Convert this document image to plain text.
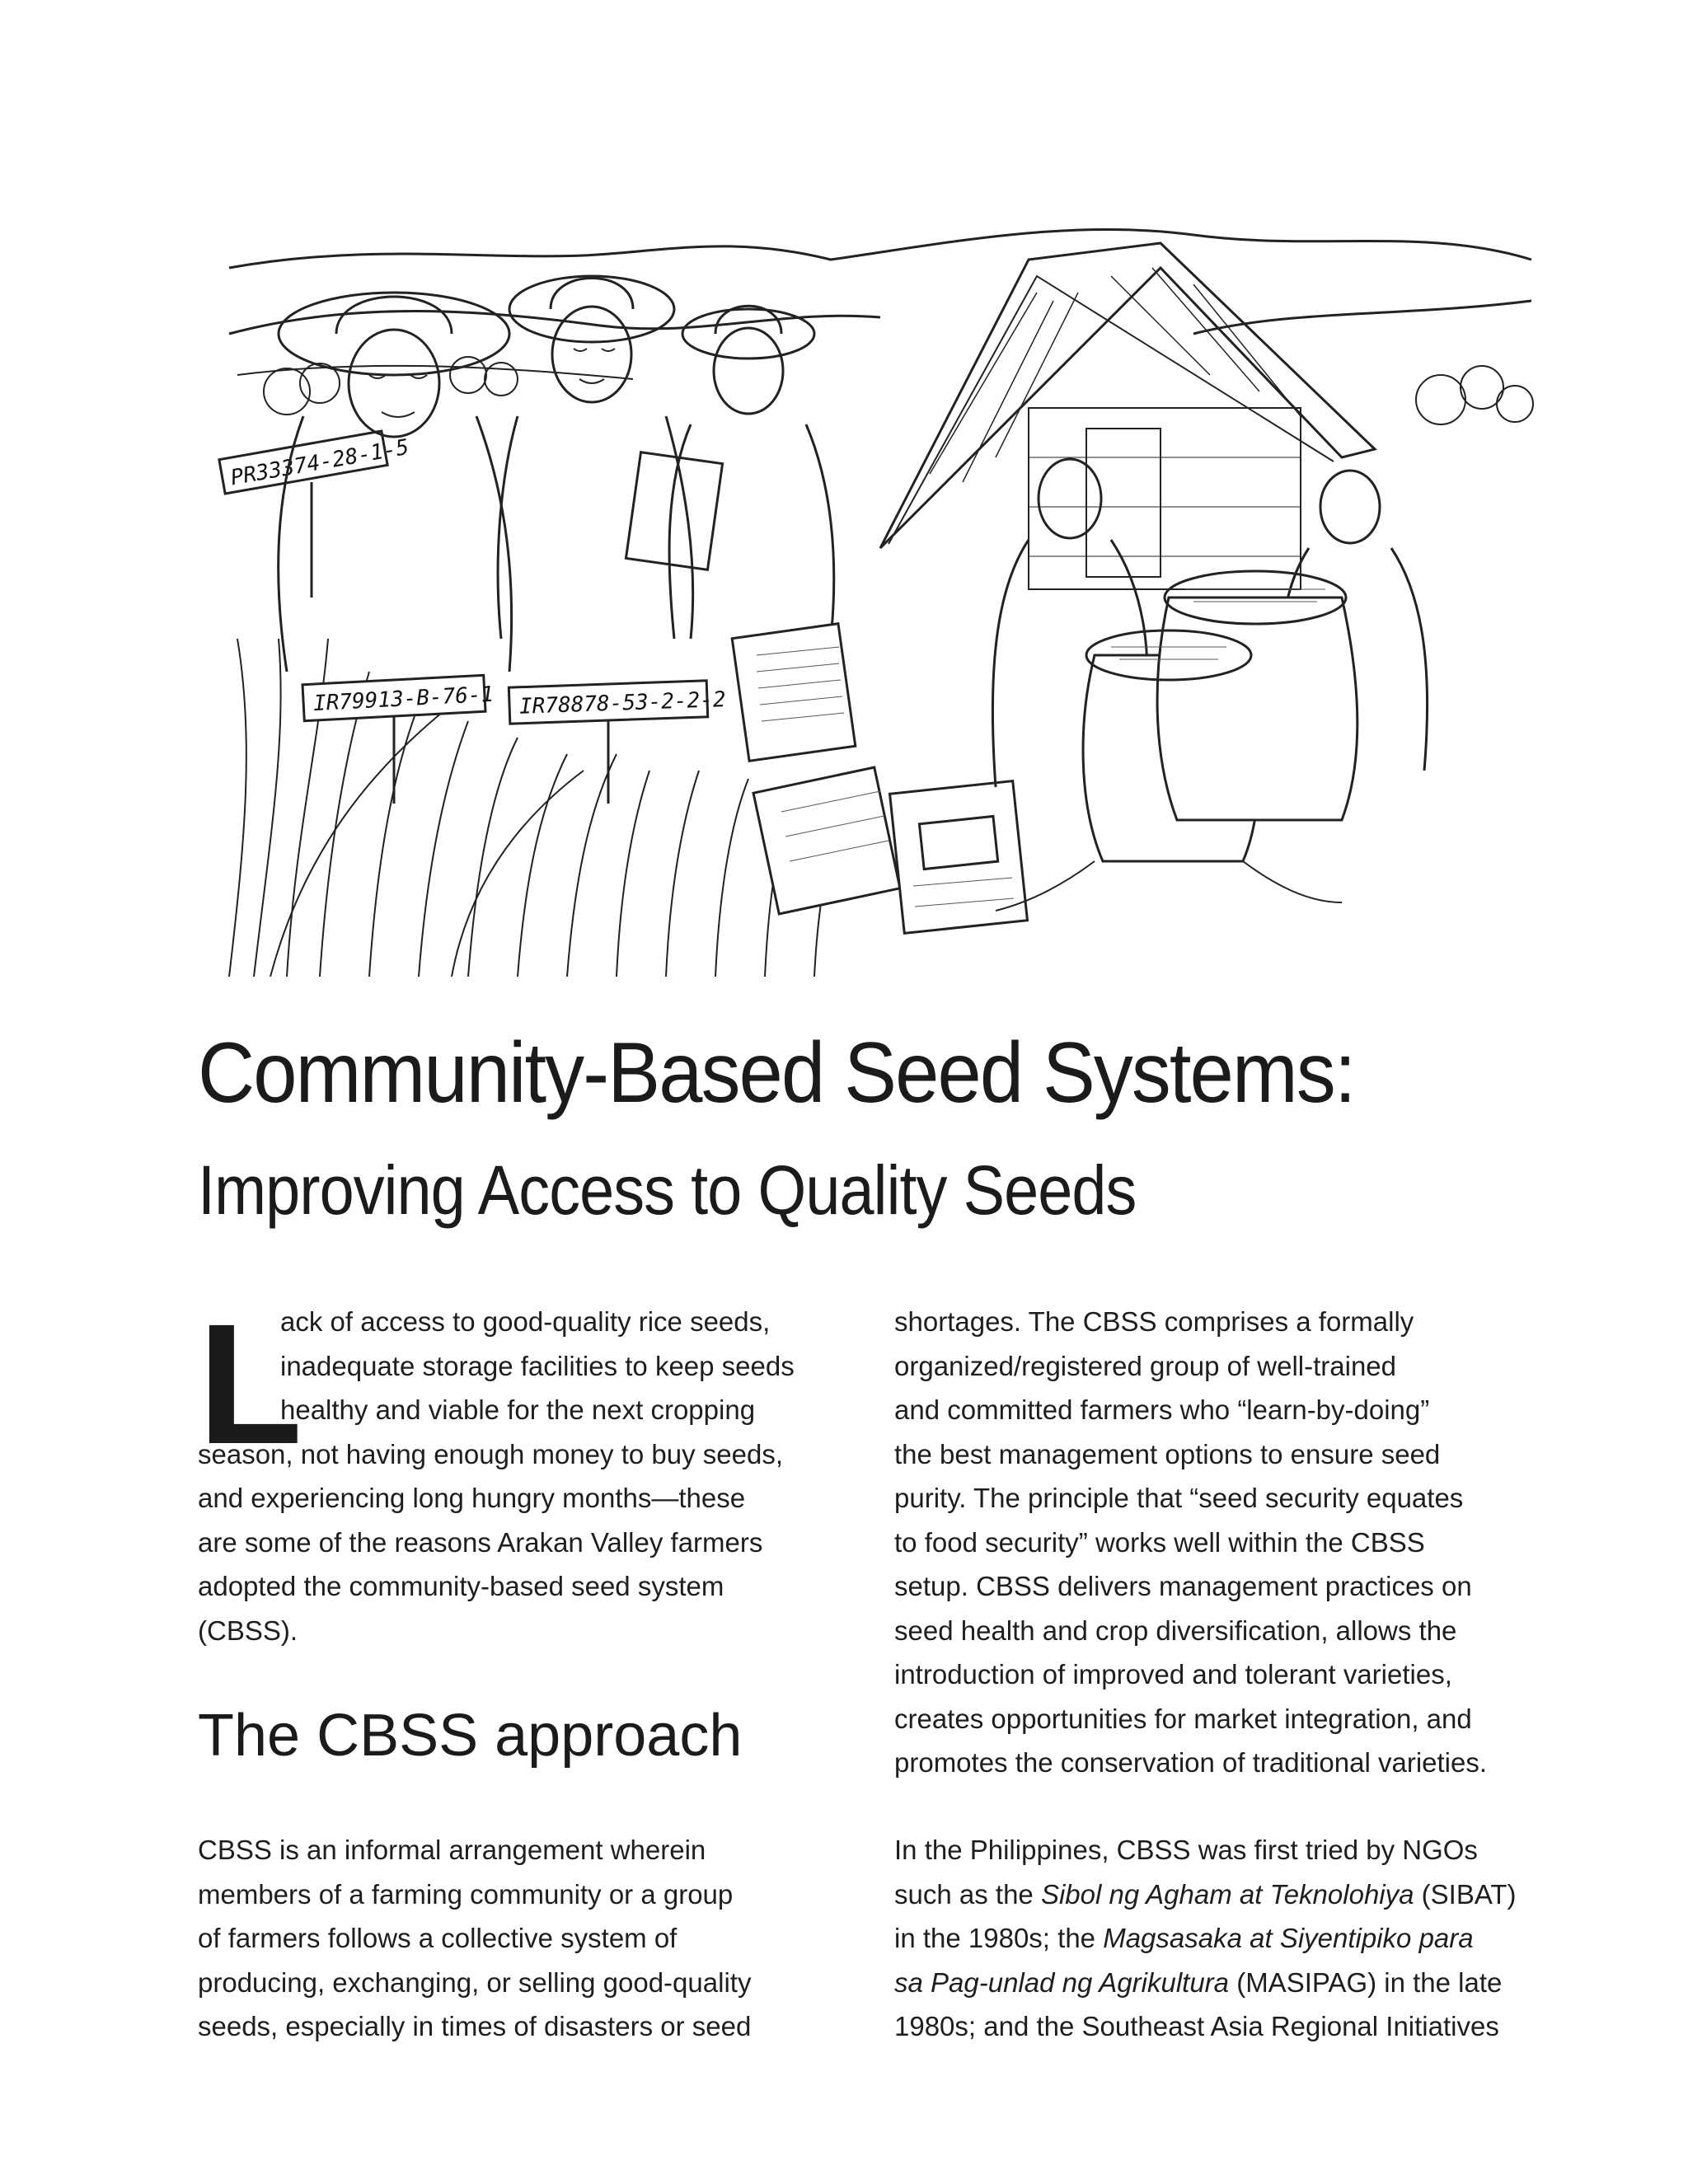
PR33374-28-1-5
IR79913-B-76-1 IR78878-53-2-2-2
Community-Based Seed Systems:
Improving Access to Quality Seeds
L
ack of access to good-quality rice seeds,
inadequate storage facilities to keep seeds
healthy and viable for the next cropping
season, not having enough money to buy seeds,
and experiencing long hungry months—these
are some of the reasons Arakan Valley farmers
adopted the community-based seed system
(CBSS).
The CBSS approach
CBSS is an informal arrangement wherein
members of a farming community or a group
of farmers follows a collective system of
producing, exchanging, or selling good-quality
seeds, especially in times of disasters or seed
shortages. The CBSS comprises a formally
organized/registered group of well-trained
and committed farmers who “learn-by-doing”
the best management options to ensure seed
purity. The principle that “seed security equates
to food security” works well within the CBSS
setup. CBSS delivers management practices on
seed health and crop diversification, allows the
introduction of improved and tolerant varieties,
creates opportunities for market integration, and
promotes the conservation of traditional varieties.
In the Philippines, CBSS was first tried by NGOs
such as the Sibol ng Agham at Teknolohiya (SIBAT)
in the 1980s; the Magsasaka at Siyentipiko para
sa Pag-unlad ng Agrikultura (MASIPAG) in the late
1980s; and the Southeast Asia Regional Initiatives
